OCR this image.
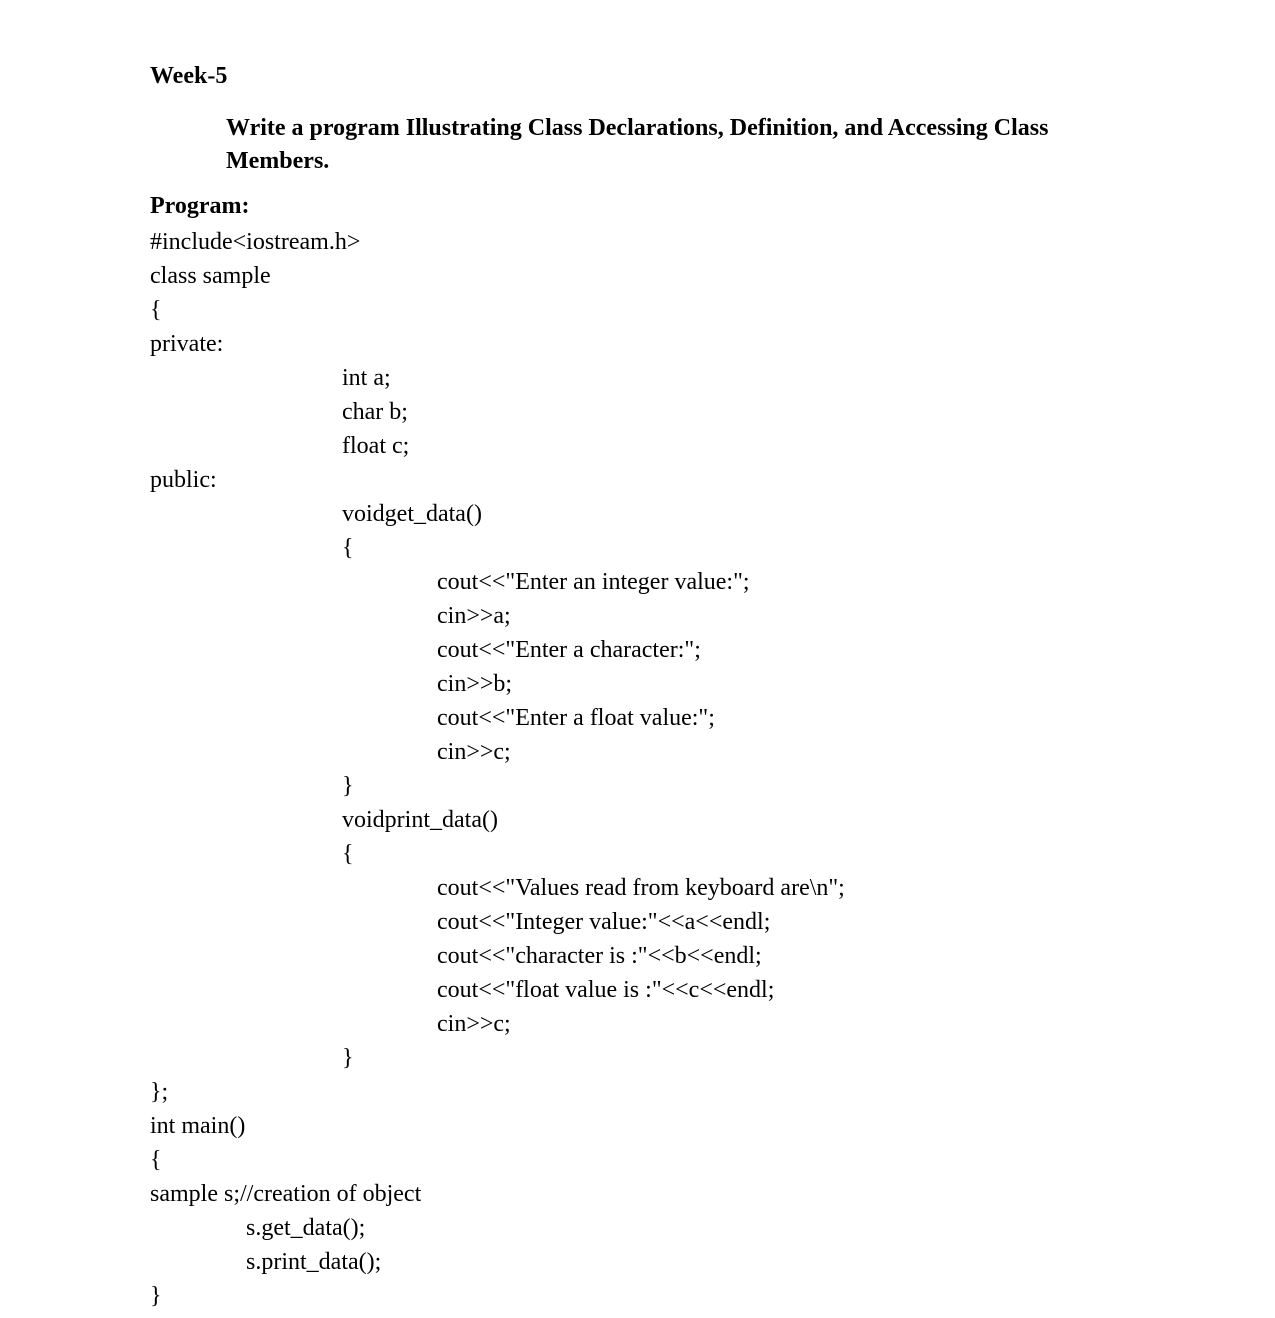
Week-5

Write a program Illustrating Class Declarations, Definition, and Accessing Class Members.

Program:
#include<iostream.h>
class sample
{
private:
int a;
char b;
float c;
public:
voidget_data()
{
cout<<"Enter an integer value:";
cin>>a;
cout<<"Enter a character:";
cin>>b;
cout<<"Enter a float value:";
cin>>c;
}
voidprint_data()
{
cout<<"Values read from keyboard are\n";
cout<<"Integer value:"<<a<<endl;
cout<<"character is :"<<b<<endl;
cout<<"float value is :"<<c<<endl;
cin>>c;
}
};
int main()
{
sample s;//creation of object
s.get_data();
s.print_data();
}
